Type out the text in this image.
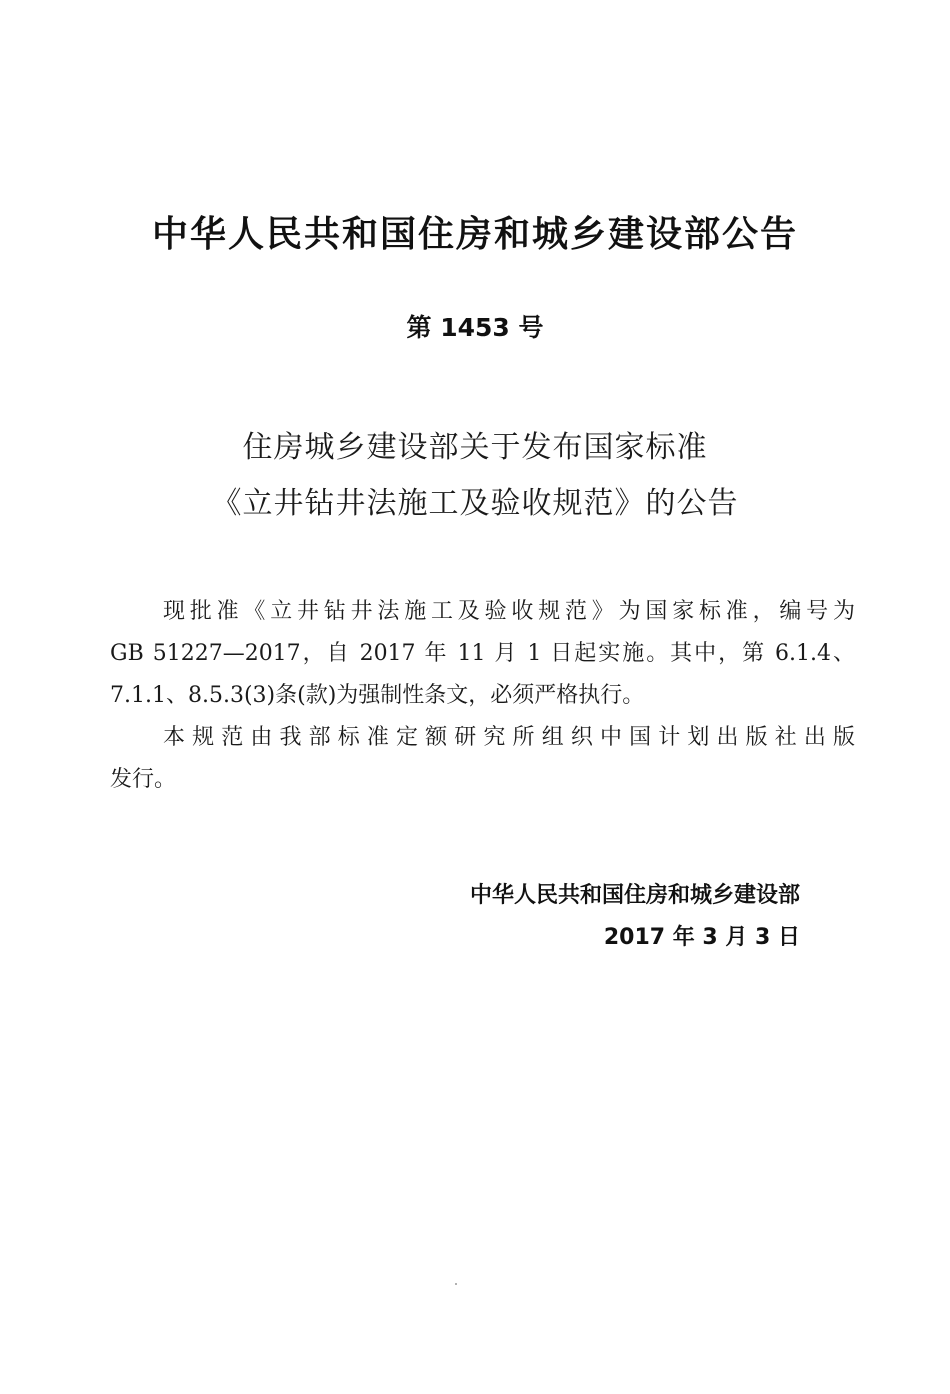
中华人民共和国住房和城乡建设部公告
第 1453 号
住房城乡建设部关于发布国家标准
《立井钻井法施工及验收规范》的公告
现批准《立井钻井法施工及验收规范》为国家标准，编号为
GB 51227—2017，自 2017 年 11 月 1 日起实施。其中，第 6.1.4、
7.1.1、8.5.3(3)条(款)为强制性条文，必须严格执行。
本规范由我部标准定额研究所组织中国计划出版社出版
发行。
中华人民共和国住房和城乡建设部
2017 年 3 月 3 日
